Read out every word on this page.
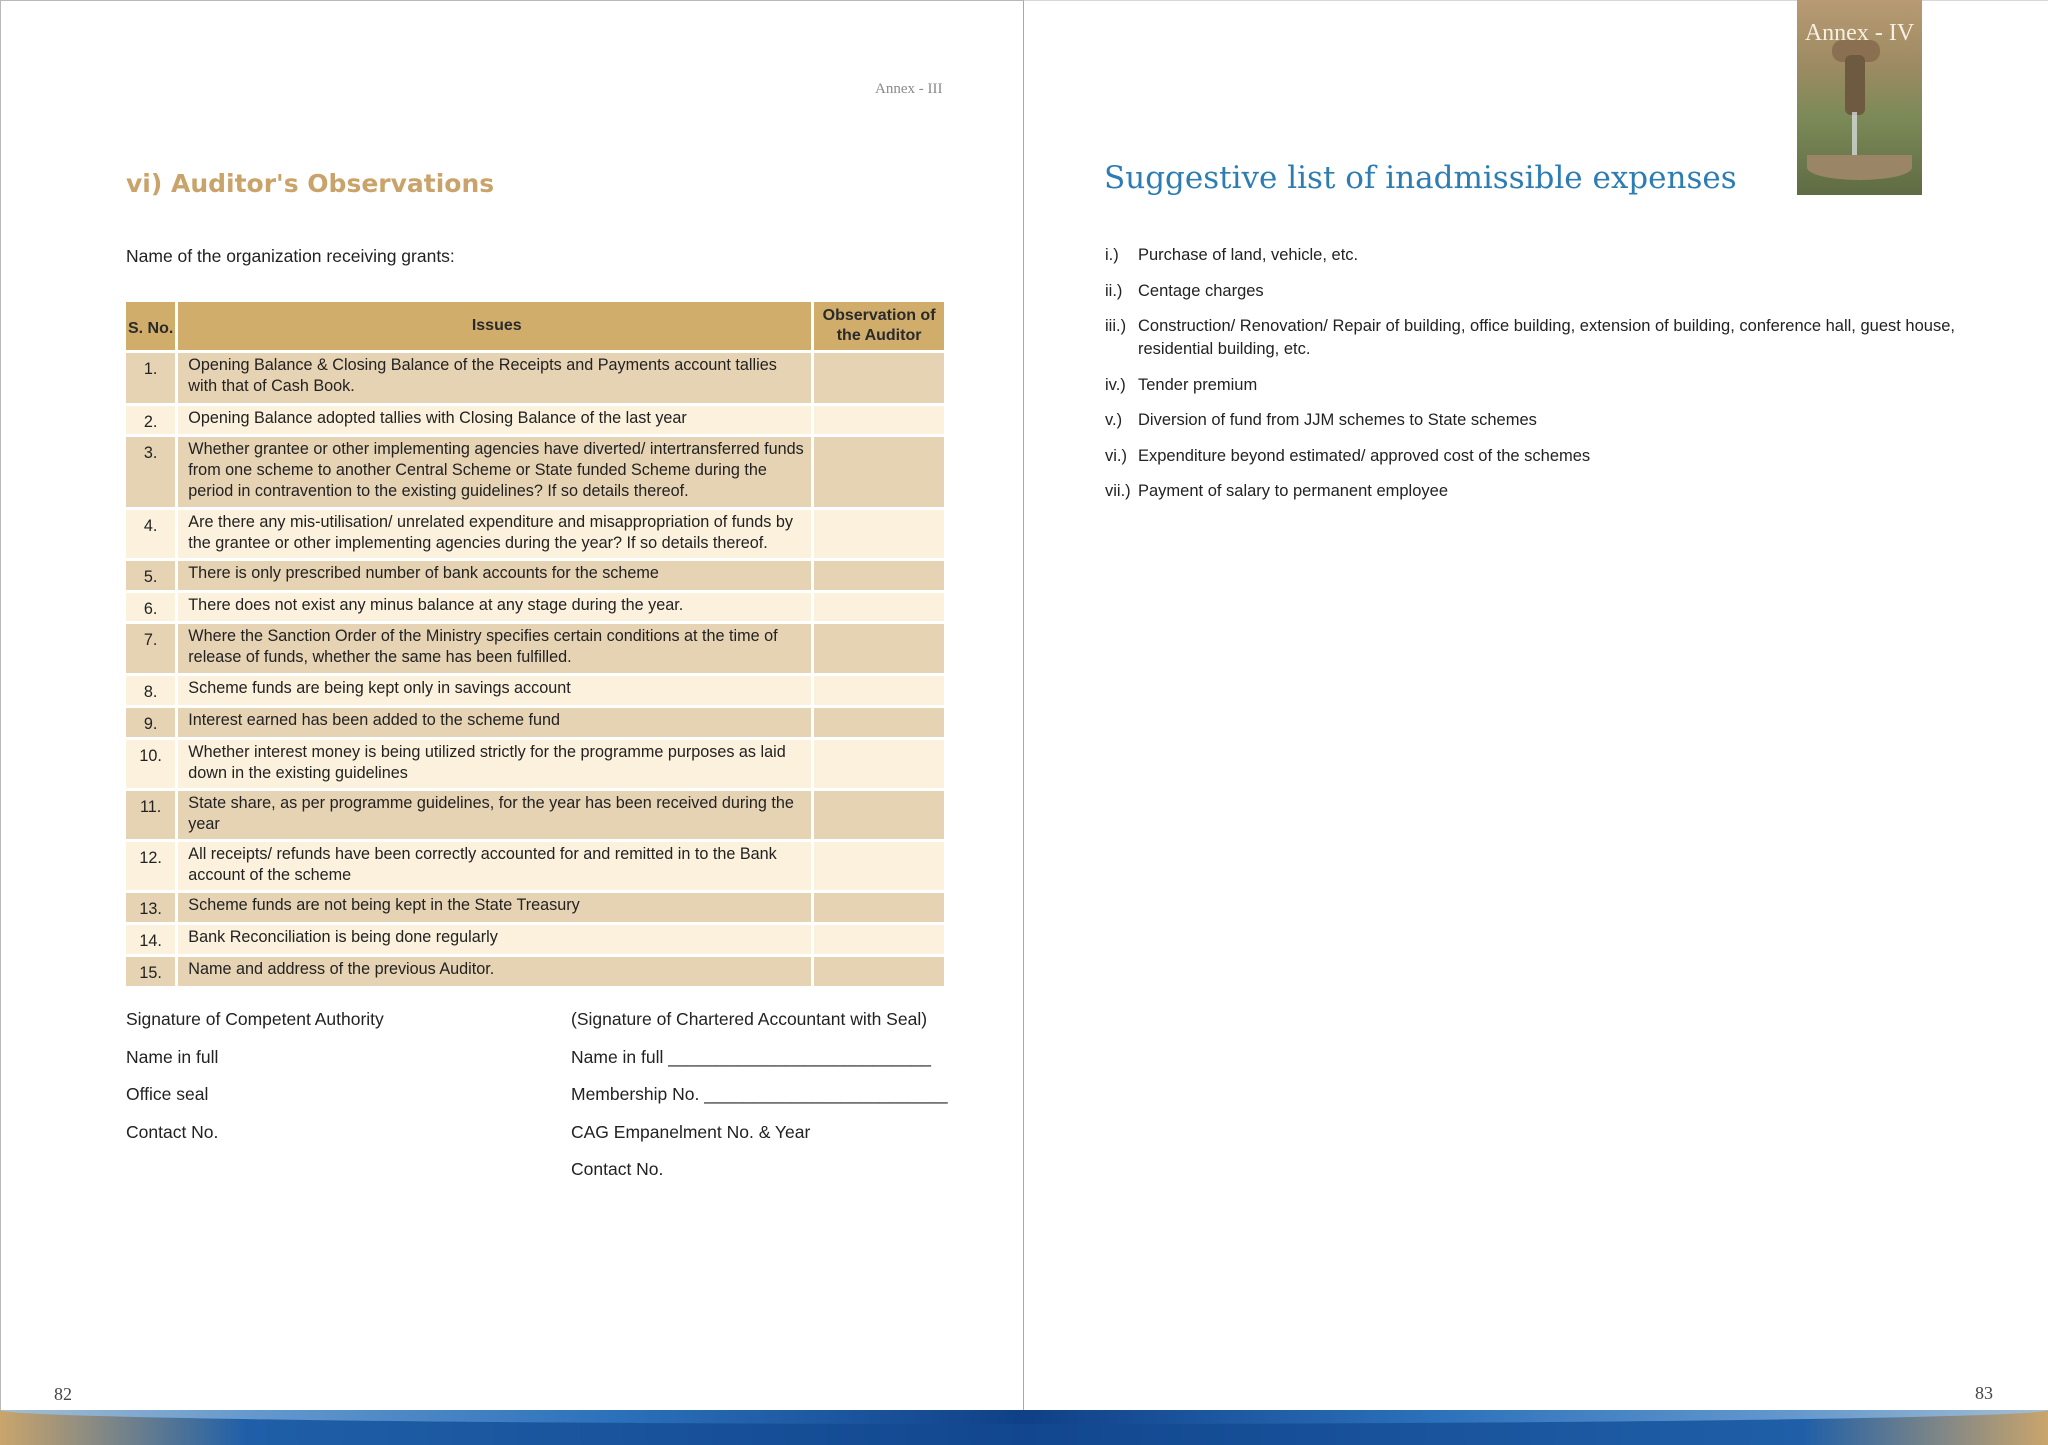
Annex - III
vi) Auditor's Observations
Name of the organization receiving grants:
S. No.	Issues	Observation of the Auditor
1.	Opening Balance & Closing Balance of the Receipts and Payments account tallies with that of Cash Book.	
2.	Opening Balance adopted tallies with Closing Balance of the last year	
3.	Whether grantee or other implementing agencies have diverted/ intertransferred funds from one scheme to another Central Scheme or State funded Scheme during the period in contravention to the existing guidelines? If so details thereof.	
4.	Are there any mis-utilisation/ unrelated expenditure and misappropriation of funds by the grantee or other implementing agencies during the year? If so details thereof.	
5.	There is only prescribed number of bank accounts for the scheme	
6.	There does not exist any minus balance at any stage during the year.	
7.	Where the Sanction Order of the Ministry specifies certain conditions at the time of release of funds, whether the same has been fulfilled.	
8.	Scheme funds are being kept only in savings account	
9.	Interest earned has been added to the scheme fund	
10.	Whether interest money is being utilized strictly for the programme purposes as laid down in the existing guidelines	
11.	State share, as per programme guidelines, for the year has been received during the year	
12.	All receipts/ refunds have been correctly accounted for and remitted in to the Bank account of the scheme	
13.	Scheme funds are not being kept in the State Treasury	
14.	Bank Reconciliation is being done regularly	
15.	Name and address of the previous Auditor.	
Signature of Competent Authority
Name in full
Office seal
Contact No.
(Signature of Chartered Accountant with Seal)
Name in full ___________________________
Membership No. _________________________
CAG Empanelment No. & Year
Contact No.
82
Annex - IV
Suggestive list of inadmissible expenses
i.) Purchase of land, vehicle, etc.
ii.) Centage charges
iii.) Construction/ Renovation/ Repair of building, office building, extension of building, conference hall, guest house, residential building, etc.
iv.) Tender premium
v.) Diversion of fund from JJM schemes to State schemes
vi.) Expenditure beyond estimated/ approved cost of the schemes
vii.) Payment of salary to permanent employee
83
